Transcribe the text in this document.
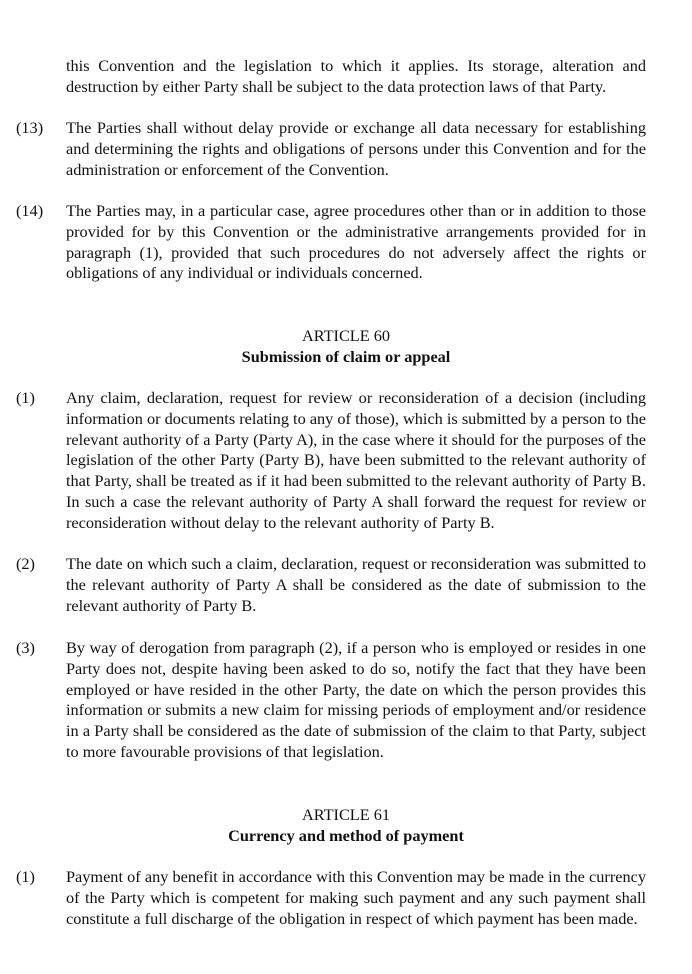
this Convention and the legislation to which it applies. Its storage, alteration and destruction by either Party shall be subject to the data protection laws of that Party.

(13) The Parties shall without delay provide or exchange all data necessary for establishing and determining the rights and obligations of persons under this Convention and for the administration or enforcement of the Convention.

(14) The Parties may, in a particular case, agree procedures other than or in addition to those provided for by this Convention or the administrative arrangements provided for in paragraph (1), provided that such procedures do not adversely affect the rights or obligations of any individual or individuals concerned.

ARTICLE 60
Submission of claim or appeal
(1) Any claim, declaration, request for review or reconsideration of a decision (including information or documents relating to any of those), which is submitted by a person to the relevant authority of a Party (Party A), in the case where it should for the purposes of the legislation of the other Party (Party B), have been submitted to the relevant authority of that Party, shall be treated as if it had been submitted to the relevant authority of Party B. In such a case the relevant authority of Party A shall forward the request for review or reconsideration without delay to the relevant authority of Party B.

(2) The date on which such a claim, declaration, request or reconsideration was submitted to the relevant authority of Party A shall be considered as the date of submission to the relevant authority of Party B.

(3) By way of derogation from paragraph (2), if a person who is employed or resides in one Party does not, despite having been asked to do so, notify the fact that they have been employed or have resided in the other Party, the date on which the person provides this information or submits a new claim for missing periods of employment and/or residence in a Party shall be considered as the date of submission of the claim to that Party, subject to more favourable provisions of that legislation.

ARTICLE 61
Currency and method of payment
(1) Payment of any benefit in accordance with this Convention may be made in the currency of the Party which is competent for making such payment and any such payment shall constitute a full discharge of the obligation in respect of which payment has been made.
